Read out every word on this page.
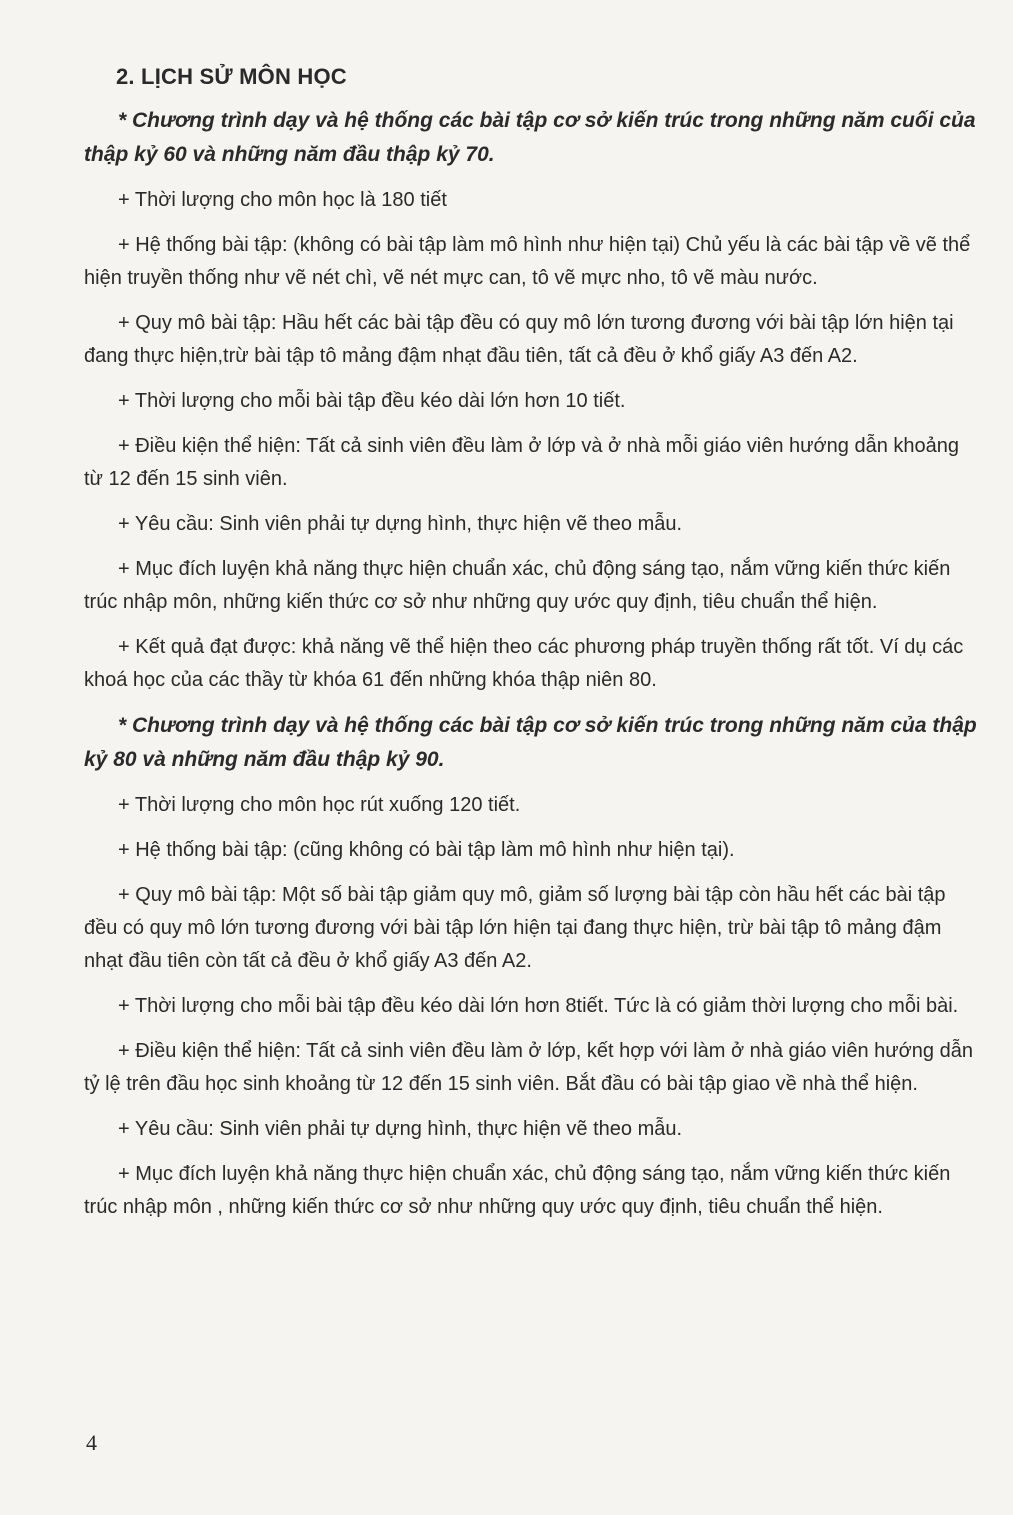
2. LỊCH SỬ MÔN HỌC
* Chương trình dạy và hệ thống các bài tập cơ sở kiến trúc trong những năm cuối của thập kỷ 60 và những năm đầu thập kỷ 70.
+ Thời lượng cho môn học là 180 tiết
+ Hệ thống bài tập: (không có bài tập làm mô hình như hiện tại) Chủ yếu là các bài tập về vẽ thể hiện truyền thống như vẽ nét chì, vẽ nét mực can, tô vẽ mực nho, tô vẽ màu nước.
+ Quy mô bài tập: Hầu hết các bài tập đều có quy mô lớn tương đương với bài tập lớn hiện tại đang thực hiện,trừ bài tập tô mảng đậm nhạt đầu tiên, tất cả đều ở khổ giấy A3 đến A2.
+ Thời lượng cho mỗi bài tập đều kéo dài lớn hơn 10 tiết.
+ Điều kiện thể hiện: Tất cả sinh viên đều làm ở lớp và ở nhà mỗi giáo viên hướng dẫn khoảng từ 12 đến 15 sinh viên.
+ Yêu cầu: Sinh viên phải tự dựng hình, thực hiện vẽ theo mẫu.
+ Mục đích luyện khả năng thực hiện chuẩn xác, chủ động sáng tạo, nắm vững kiến thức kiến trúc nhập môn, những kiến thức cơ sở như những quy ước quy định, tiêu chuẩn thể hiện.
+ Kết quả đạt được: khả năng vẽ thể hiện theo các phương pháp truyền thống rất tốt. Ví dụ các khoá học của các thầy từ khóa 61 đến những khóa thập niên 80.
* Chương trình dạy và hệ thống các bài tập cơ sở kiến trúc trong những năm của thập kỷ 80 và những năm đầu thập kỷ 90.
+ Thời lượng cho môn học rút xuống 120 tiết.
+ Hệ thống bài tập: (cũng không có bài tập làm mô hình như hiện tại).
+ Quy mô bài tập: Một số bài tập giảm quy mô, giảm số lượng bài tập còn hầu hết các bài tập đều có quy mô lớn tương đương với bài tập lớn hiện tại đang thực hiện, trừ bài tập tô mảng đậm nhạt đầu tiên còn tất cả đều ở khổ giấy A3 đến A2.
+ Thời lượng cho mỗi bài tập đều kéo dài lớn hơn 8tiết. Tức là có giảm thời lượng cho mỗi bài.
+ Điều kiện thể hiện: Tất cả sinh viên đều làm ở lớp, kết hợp với làm ở nhà giáo viên hướng dẫn tỷ lệ trên đầu học sinh khoảng từ 12 đến 15 sinh viên. Bắt đầu có bài tập giao về nhà thể hiện.
+ Yêu cầu: Sinh viên phải tự dựng hình, thực hiện vẽ theo mẫu.
+ Mục đích luyện khả năng thực hiện chuẩn xác, chủ động sáng tạo, nắm vững kiến thức kiến trúc nhập môn , những kiến thức cơ sở như những quy ước quy định, tiêu chuẩn thể hiện.
4
